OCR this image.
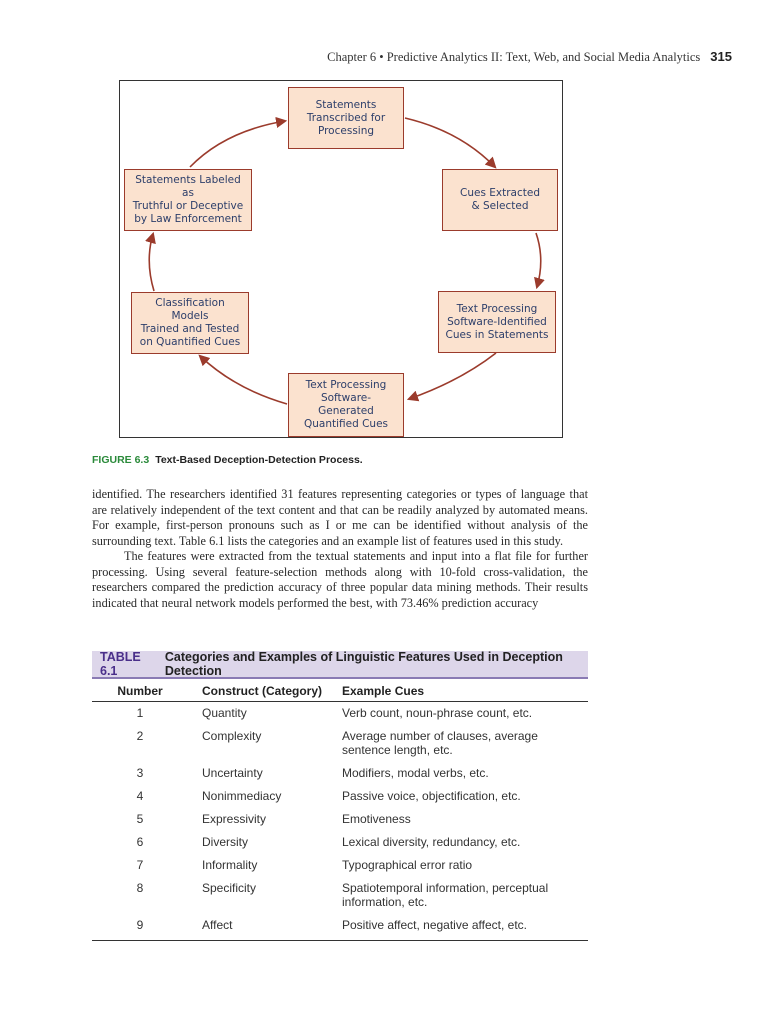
Chapter 6 • Predictive Analytics II: Text, Web, and Social Media Analytics 315
Statements
Transcribed for
Processing
Cues Extracted
& Selected
Text Processing
Software-Identified
Cues in Statements
Text Processing
Software-Generated
Quantified Cues
Classification Models
Trained and Tested
on Quantified Cues
Statements Labeled as
Truthful or Deceptive
by Law Enforcement
FIGURE 6.3 Text-Based Deception-Detection Process.

identified. The researchers identified 31 features representing categories or types of language that are relatively independent of the text content and that can be readily analyzed by automated means. For example, first-person pronouns such as I or me can be identified without analysis of the surrounding text. Table 6.1 lists the categories and an example list of features used in this study.

The features were extracted from the textual statements and input into a flat file for further processing. Using several feature-selection methods along with 10-fold cross-validation, the researchers compared the prediction accuracy of three popular data mining methods. Their results indicated that neural network models performed the best, with 73.46% prediction accuracy

TABLE 6.1
Categories and Examples of Linguistic Features Used in Deception Detection
Number	Construct (Category)	Example Cues
1	Quantity	Verb count, noun-phrase count, etc.
2	Complexity	Average number of clauses, average sentence length, etc.
3	Uncertainty	Modifiers, modal verbs, etc.
4	Nonimmediacy	Passive voice, objectification, etc.
5	Expressivity	Emotiveness
6	Diversity	Lexical diversity, redundancy, etc.
7	Informality	Typographical error ratio
8	Specificity	Spatiotemporal information, perceptual information, etc.
9	Affect	Positive affect, negative affect, etc.
